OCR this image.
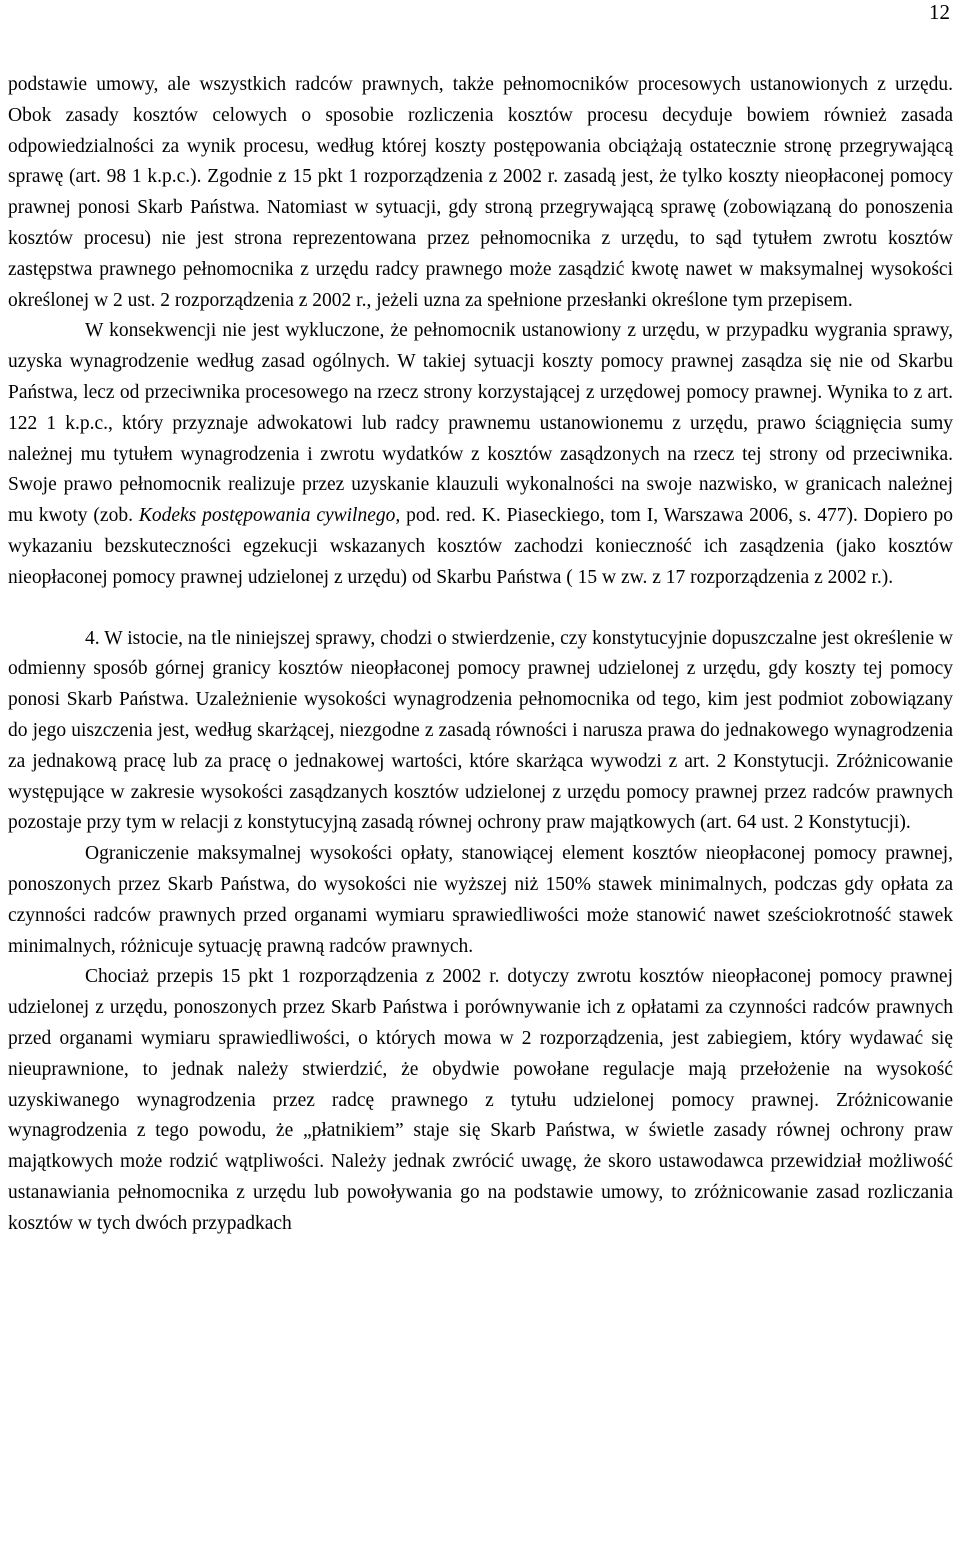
12

podstawie umowy, ale wszystkich radców prawnych, także pełnomocników procesowych ustanowionych z urzędu. Obok zasady kosztów celowych o sposobie rozliczenia kosztów procesu decyduje bowiem również zasada odpowiedzialności za wynik procesu, według której koszty postępowania obciążają ostatecznie stronę przegrywającą sprawę (art. 98 1 k.p.c.). Zgodnie z 15 pkt 1 rozporządzenia z 2002 r. zasadą jest, że tylko koszty nieopłaconej pomocy prawnej ponosi Skarb Państwa. Natomiast w sytuacji, gdy stroną przegrywającą sprawę (zobowiązaną do ponoszenia kosztów procesu) nie jest strona reprezentowana przez pełnomocnika z urzędu, to sąd tytułem zwrotu kosztów zastępstwa prawnego pełnomocnika z urzędu radcy prawnego może zasądzić kwotę nawet w maksymalnej wysokości określonej w 2 ust. 2 rozporządzenia z 2002 r., jeżeli uzna za spełnione przesłanki określone tym przepisem.

W konsekwencji nie jest wykluczone, że pełnomocnik ustanowiony z urzędu, w przypadku wygrania sprawy, uzyska wynagrodzenie według zasad ogólnych. W takiej sytuacji koszty pomocy prawnej zasądza się nie od Skarbu Państwa, lecz od przeciwnika procesowego na rzecz strony korzystającej z urzędowej pomocy prawnej. Wynika to z art. 122 1 k.p.c., który przyznaje adwokatowi lub radcy prawnemu ustanowionemu z urzędu, prawo ściągnięcia sumy należnej mu tytułem wynagrodzenia i zwrotu wydatków z kosztów zasądzonych na rzecz tej strony od przeciwnika. Swoje prawo pełnomocnik realizuje przez uzyskanie klauzuli wykonalności na swoje nazwisko, w granicach należnej mu kwoty (zob. Kodeks postępowania cywilnego, pod. red. K. Piaseckiego, tom I, Warszawa 2006, s. 477). Dopiero po wykazaniu bezskuteczności egzekucji wskazanych kosztów zachodzi konieczność ich zasądzenia (jako kosztów nieopłaconej pomocy prawnej udzielonej z urzędu) od Skarbu Państwa ( 15 w zw. z 17 rozporządzenia z 2002 r.).

4. W istocie, na tle niniejszej sprawy, chodzi o stwierdzenie, czy konstytucyjnie dopuszczalne jest określenie w odmienny sposób górnej granicy kosztów nieopłaconej pomocy prawnej udzielonej z urzędu, gdy koszty tej pomocy ponosi Skarb Państwa. Uzależnienie wysokości wynagrodzenia pełnomocnika od tego, kim jest podmiot zobowiązany do jego uiszczenia jest, według skarżącej, niezgodne z zasadą równości i narusza prawa do jednakowego wynagrodzenia za jednakową pracę lub za pracę o jednakowej wartości, które skarżąca wywodzi z art. 2 Konstytucji. Zróżnicowanie występujące w zakresie wysokości zasądzanych kosztów udzielonej z urzędu pomocy prawnej przez radców prawnych pozostaje przy tym w relacji z konstytucyjną zasadą równej ochrony praw majątkowych (art. 64 ust. 2 Konstytucji).

Ograniczenie maksymalnej wysokości opłaty, stanowiącej element kosztów nieopłaconej pomocy prawnej, ponoszonych przez Skarb Państwa, do wysokości nie wyższej niż 150% stawek minimalnych, podczas gdy opłata za czynności radców prawnych przed organami wymiaru sprawiedliwości może stanowić nawet sześciokrotność stawek minimalnych, różnicuje sytuację prawną radców prawnych.

Chociaż przepis 15 pkt 1 rozporządzenia z 2002 r. dotyczy zwrotu kosztów nieopłaconej pomocy prawnej udzielonej z urzędu, ponoszonych przez Skarb Państwa i porównywanie ich z opłatami za czynności radców prawnych przed organami wymiaru sprawiedliwości, o których mowa w 2 rozporządzenia, jest zabiegiem, który wydawać się nieuprawnione, to jednak należy stwierdzić, że obydwie powołane regulacje mają przełożenie na wysokość uzyskiwanego wynagrodzenia przez radcę prawnego z tytułu udzielonej pomocy prawnej. Zróżnicowanie wynagrodzenia z tego powodu, że „płatnikiem” staje się Skarb Państwa, w świetle zasady równej ochrony praw majątkowych może rodzić wątpliwości. Należy jednak zwrócić uwagę, że skoro ustawodawca przewidział możliwość ustanawiania pełnomocnika z urzędu lub powoływania go na podstawie umowy, to zróżnicowanie zasad rozliczania kosztów w tych dwóch przypadkach
